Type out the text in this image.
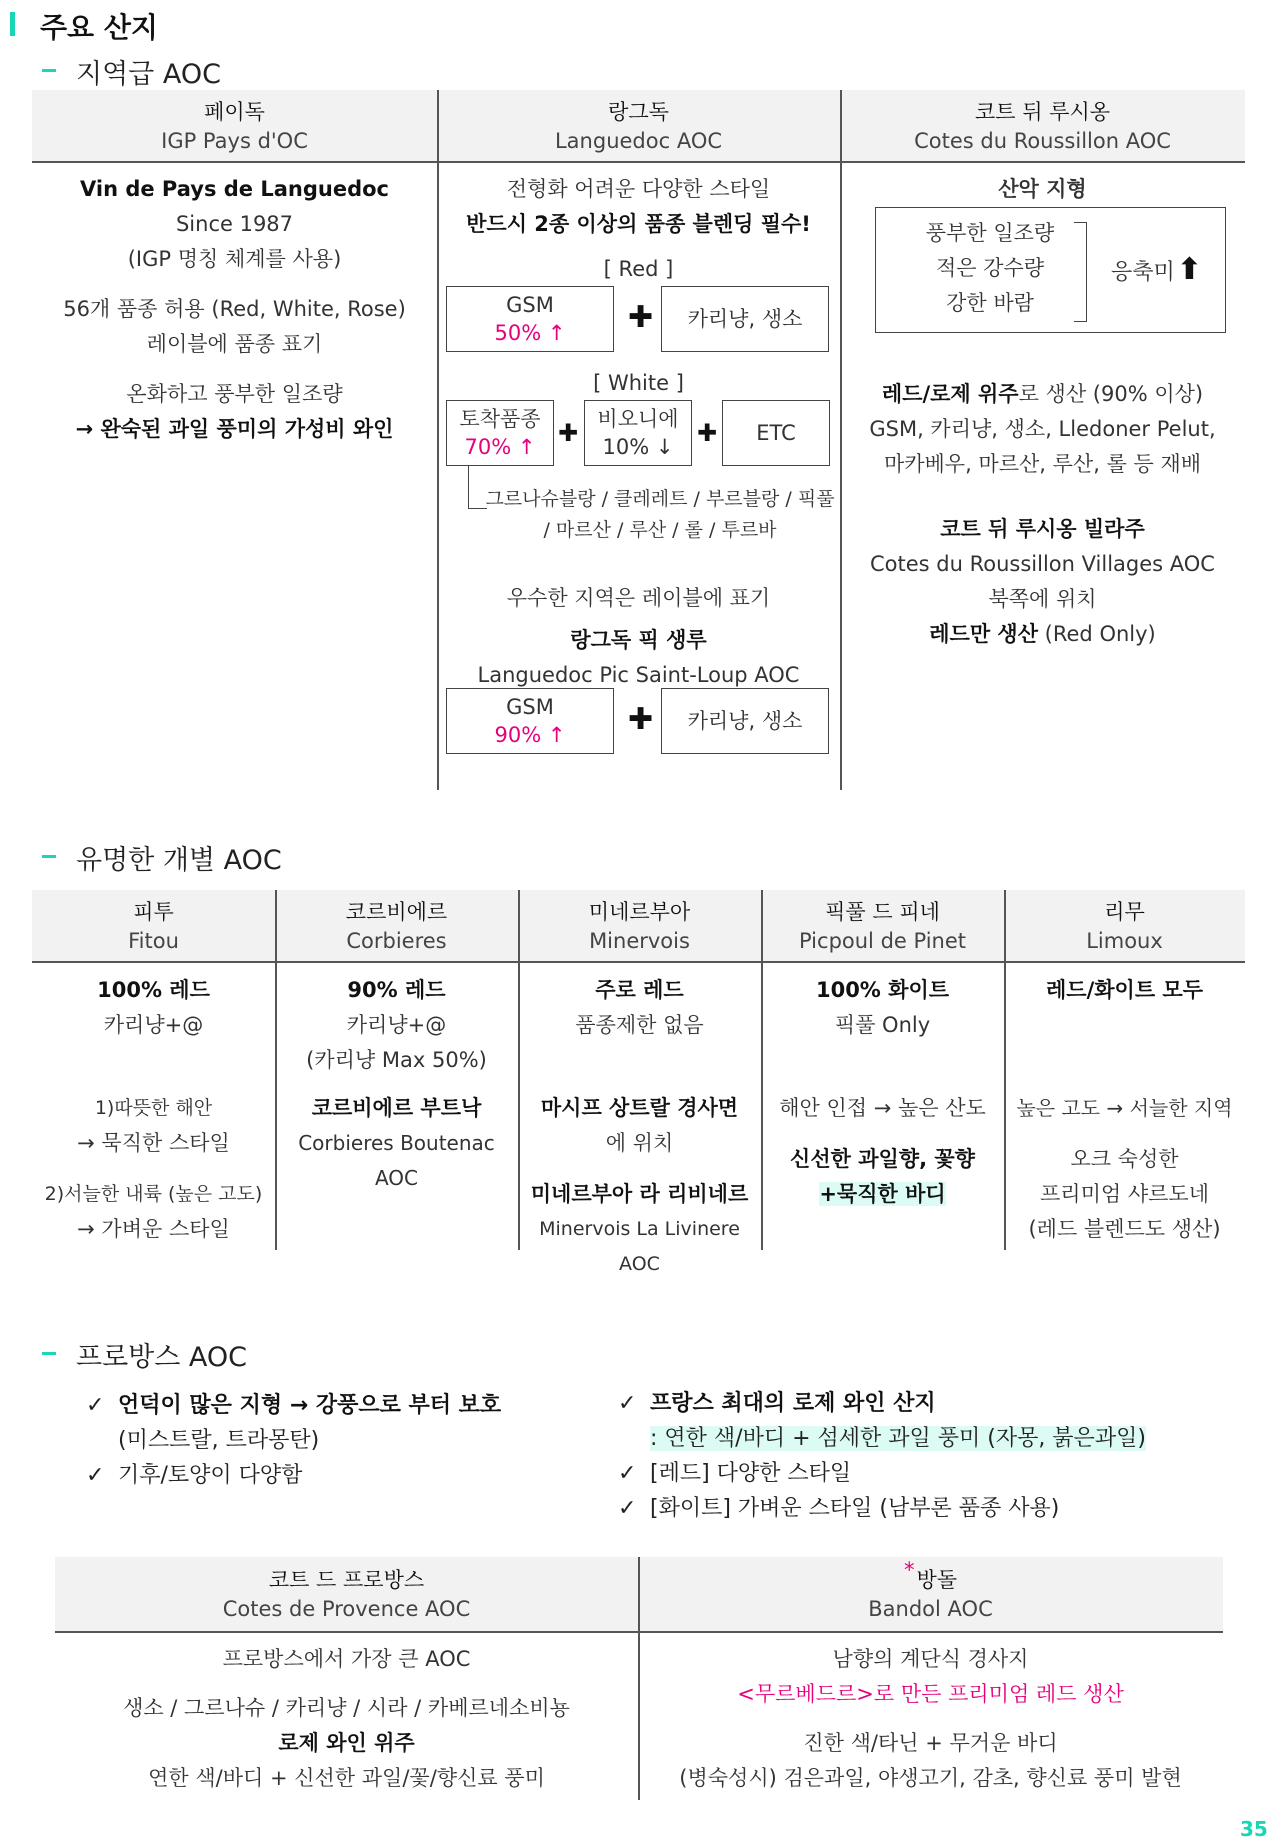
주요 산지
지역급 AOC

페이독

IGP Pays d'OC

랑그독

Languedoc AOC

코트 뒤 루시옹

Cotes du Roussillon AOC

Vin de Pays de Languedoc

Since 1987

(IGP 명칭 체계를 사용)

56개 품종 허용 (Red, White, Rose)

레이블에 품종 표기

온화하고 풍부한 일조량

→ 완숙된 과일 풍미의 가성비 와인

전형화 어려운 다양한 스타일

반드시 2종 이상의 품종 블렌딩 필수!

[ Red ]

GSM

50% ↑ ✚ 카리냥, 생소

[ White ]

토착품종

70% ↑ ✚ 비오니에

10% ↓ ✚ ETC

그르나슈블랑 / 클레레트 / 부르블랑 / 픽풀

/ 마르산 / 루산 / 롤 / 투르바

우수한 지역은 레이블에 표기

랑그독 픽 생루

Languedoc Pic Saint-Loup AOC

GSM

90% ↑ ✚ 카리냥, 생소

산악 지형

풍부한 일조량

적은 강수량

강한 바람

응축미⬆

레드/로제 위주로 생산 (90% 이상)

GSM, 카리냥, 생소, Lledoner Pelut,

마카베우, 마르산, 루산, 롤 등 재배

코트 뒤 루시옹 빌라주

Cotes du Roussillon Villages AOC

북쪽에 위치

레드만 생산 (Red Only)

유명한 개별 AOC

피투

Fitou

코르비에르

Corbieres

미네르부아

Minervois

픽풀 드 피네

Picpoul de Pinet

리무

Limoux

100% 레드

카리냥+@

1)따뜻한 해안

→ 묵직한 스타일

2)서늘한 내륙 (높은 고도)

→ 가벼운 스타일

90% 레드

카리냥+@

(카리냥 Max 50%)

코르비에르 부트낙

Corbieres Boutenac AOC

주로 레드

품종제한 없음

마시프 상트랄 경사면

에 위치

미네르부아 라 리비네르

Minervois La Livinere AOC

100% 화이트

픽풀 Only

해안 인접 → 높은 산도

신선한 과일향, 꽃향

+묵직한 바디

레드/화이트 모두

높은 고도 → 서늘한 지역

오크 숙성한

프리미엄 샤르도네

(레드 블렌드도 생산)

프로방스 AOC

✓ 언덕이 많은 지형 → 강풍으로 부터 보호

(미스트랄, 트라몽탄)

✓ 기후/토양이 다양함

✓ 프랑스 최대의 로제 와인 산지

: 연한 색/바디 + 섬세한 과일 풍미 (자몽, 붉은과일)

✓ [레드] 다양한 스타일

✓ [화이트] 가벼운 스타일 (남부론 품종 사용)

코트 드 프로방스

Cotes de Provence AOC

*방돌

Bandol AOC

프로방스에서 가장 큰 AOC

생소 / 그르나슈 / 카리냥 / 시라 / 카베르네소비뇽

로제 와인 위주

연한 색/바디 + 신선한 과일/꽃/향신료 풍미

남향의 계단식 경사지

<무르베드르>로 만든 프리미엄 레드 생산

진한 색/타닌 + 무거운 바디

(병숙성시) 검은과일, 야생고기, 감초, 향신료 풍미 발현

35
